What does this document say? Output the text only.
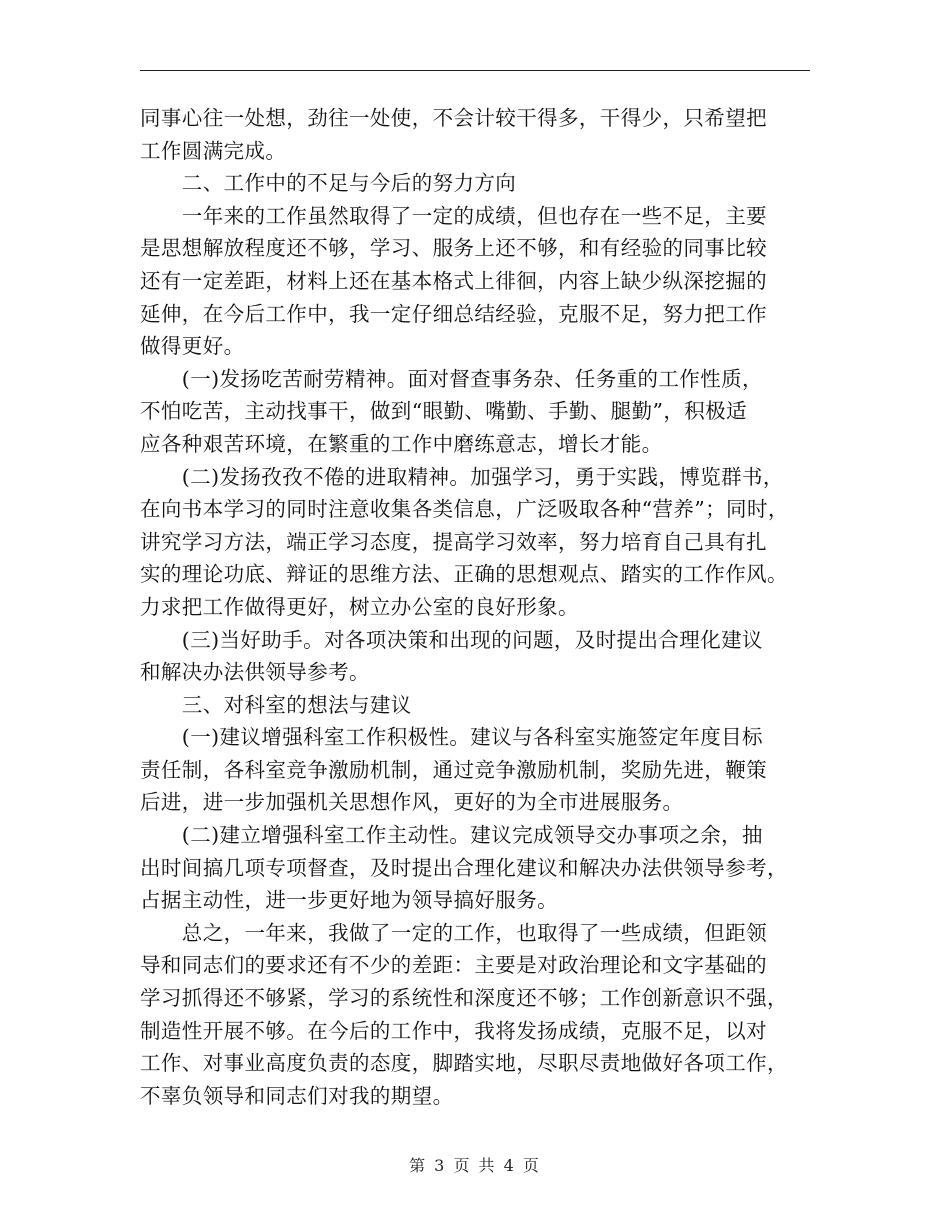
同事心往一处想，劲往一处使，不会计较干得多，干得少，只希望把
工作圆满完成。
　　二、工作中的不足与今后的努力方向
　　一年来的工作虽然取得了一定的成绩，但也存在一些不足，主要
是思想解放程度还不够，学习、服务上还不够，和有经验的同事比较
还有一定差距，材料上还在基本格式上徘徊，内容上缺少纵深挖掘的
延伸，在今后工作中，我一定仔细总结经验，克服不足，努力把工作
做得更好。
　　(一)发扬吃苦耐劳精神。面对督查事务杂、任务重的工作性质，
不怕吃苦，主动找事干，做到“眼勤、嘴勤、手勤、腿勤”，积极适
应各种艰苦环境，在繁重的工作中磨练意志，增长才能。
　　(二)发扬孜孜不倦的进取精神。加强学习，勇于实践，博览群书，
在向书本学习的同时注意收集各类信息，广泛吸取各种“营养”；同时，
讲究学习方法，端正学习态度，提高学习效率，努力培育自己具有扎
实的理论功底、辩证的思维方法、正确的思想观点、踏实的工作作风。
力求把工作做得更好，树立办公室的良好形象。
　　(三)当好助手。对各项决策和出现的问题，及时提出合理化建议
和解决办法供领导参考。
　　三、对科室的想法与建议
　　(一)建议增强科室工作积极性。建议与各科室实施签定年度目标
责任制，各科室竞争激励机制，通过竞争激励机制，奖励先进，鞭策
后进，进一步加强机关思想作风，更好的为全市进展服务。
　　(二)建立增强科室工作主动性。建议完成领导交办事项之余，抽
出时间搞几项专项督查，及时提出合理化建议和解决办法供领导参考，
占据主动性，进一步更好地为领导搞好服务。
　　总之，一年来，我做了一定的工作，也取得了一些成绩，但距领
导和同志们的要求还有不少的差距：主要是对政治理论和文字基础的
学习抓得还不够紧，学习的系统性和深度还不够；工作创新意识不强，
制造性开展不够。在今后的工作中，我将发扬成绩，克服不足，以对
工作、对事业高度负责的态度，脚踏实地，尽职尽责地做好各项工作，
不辜负领导和同志们对我的期望。
第 3 页 共 4 页
